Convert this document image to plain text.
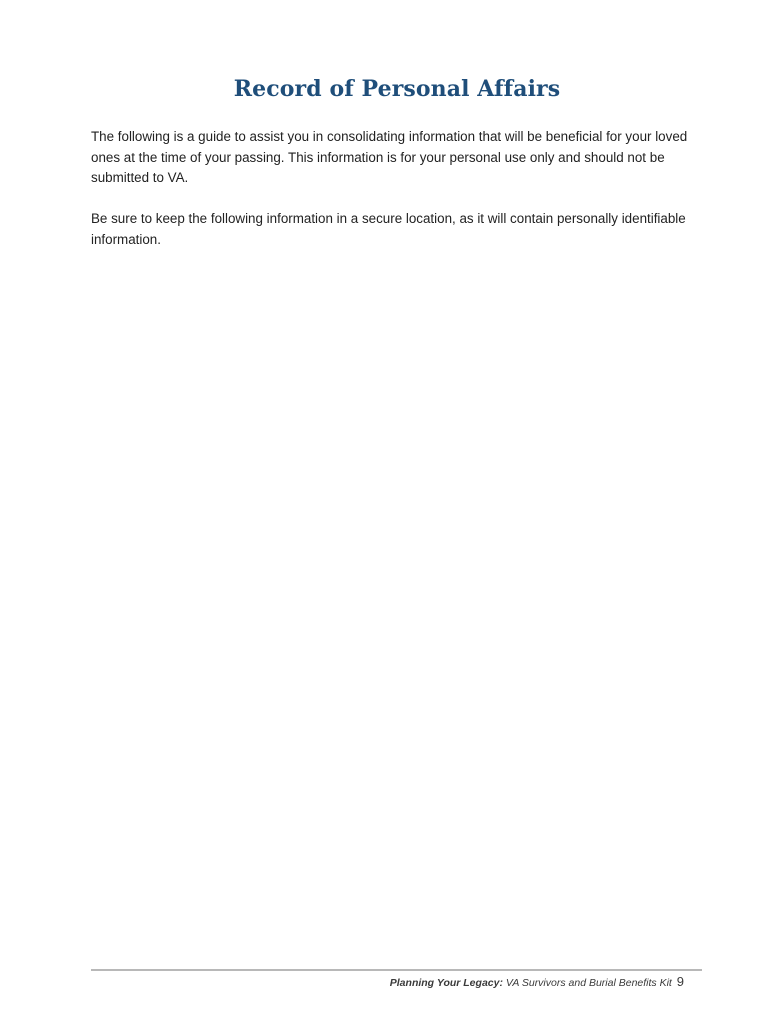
Record of Personal Affairs
The following is a guide to assist you in consolidating information that will be beneficial for your loved ones at the time of your passing. This information is for your personal use only and should not be submitted to VA.
Be sure to keep the following information in a secure location, as it will contain personally identifiable information.
Planning Your Legacy: VA Survivors and Burial Benefits Kit 9
